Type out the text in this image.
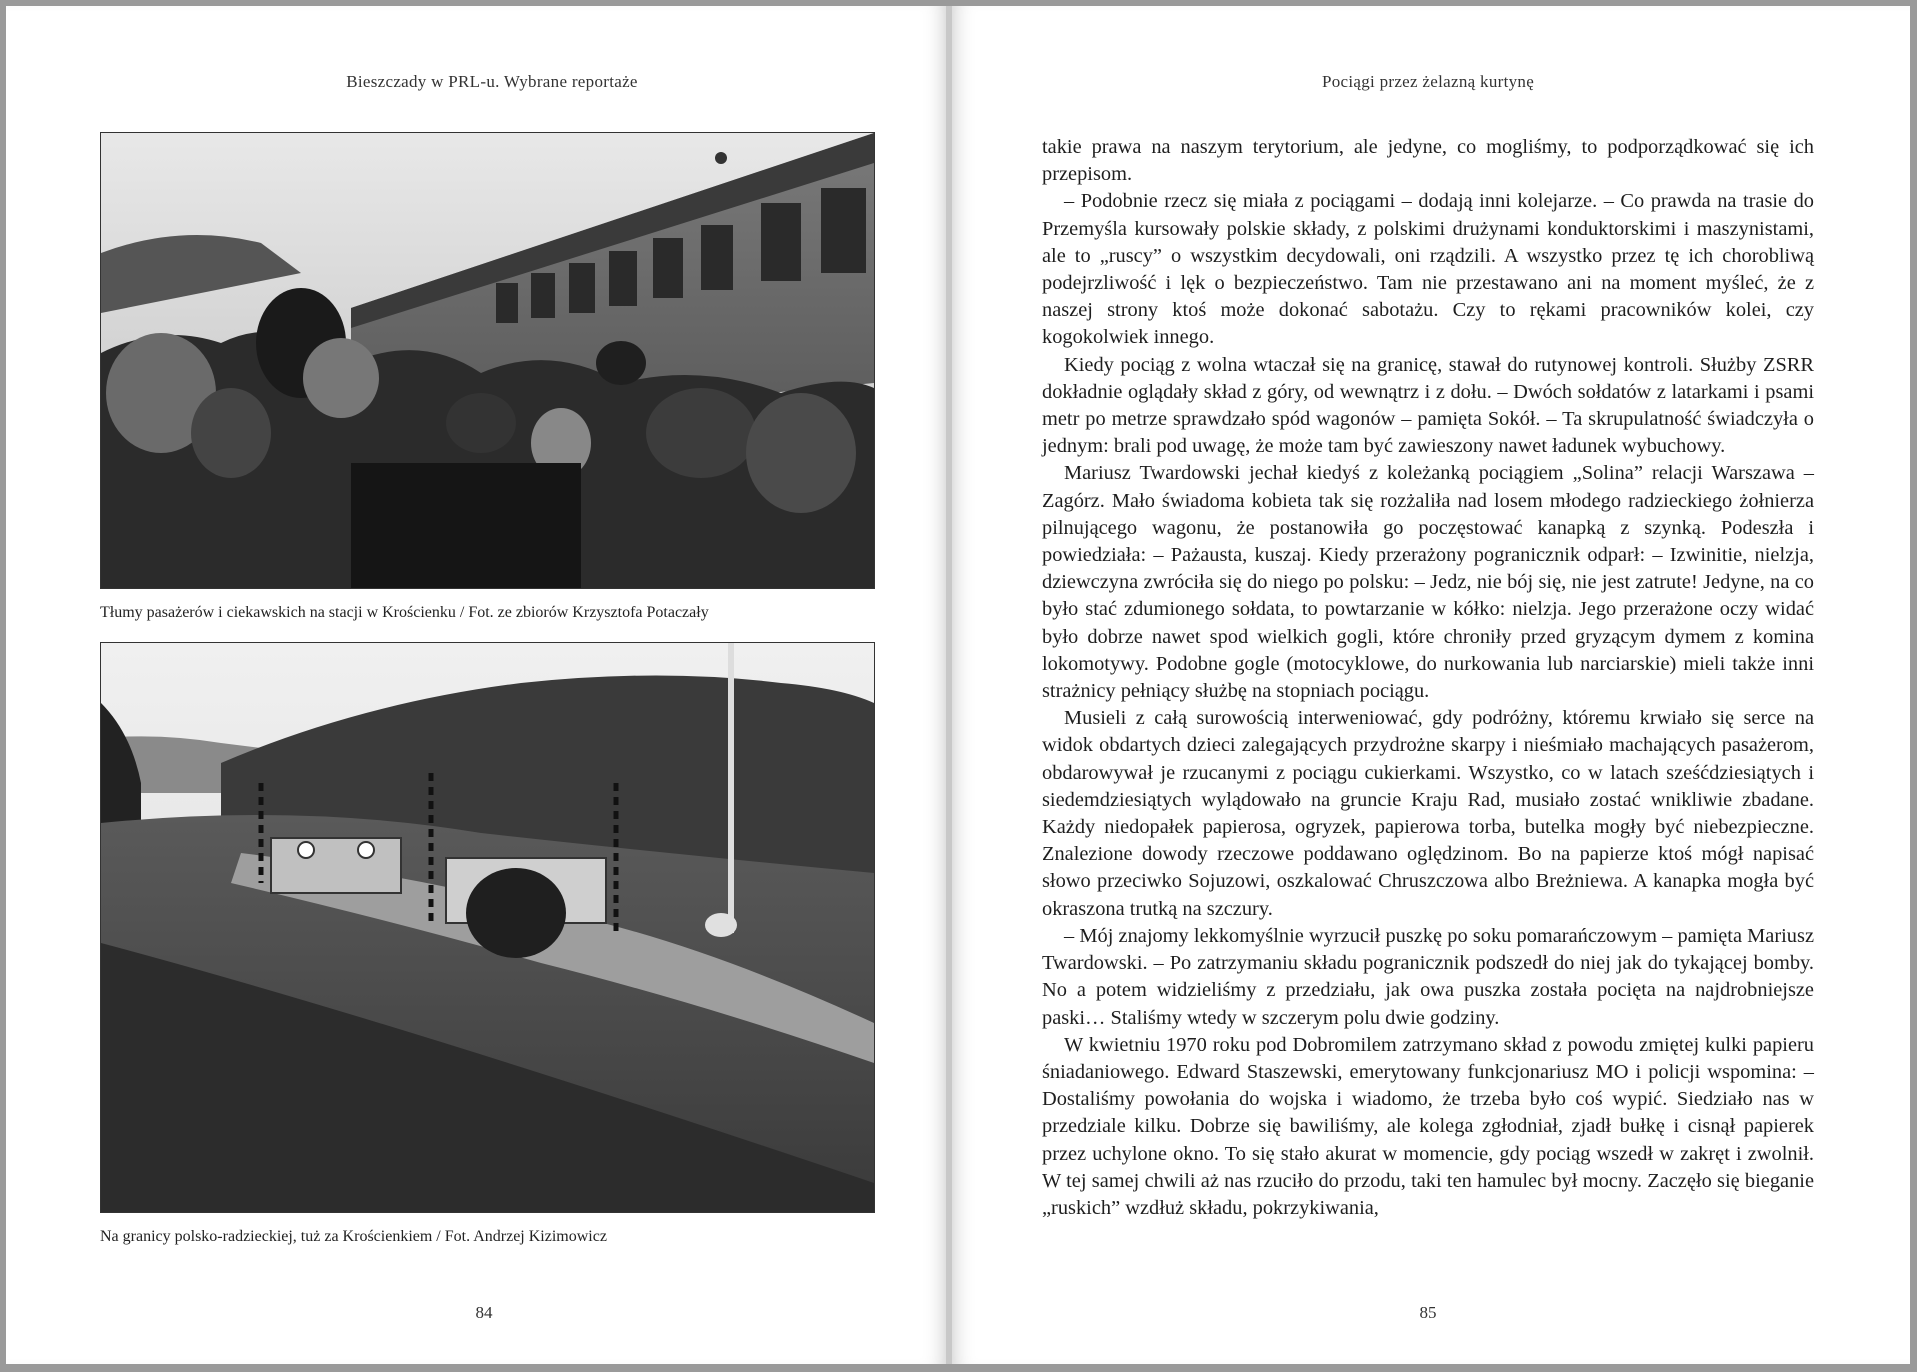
Bieszczady w PRL-u. Wybrane reportaże
Tłumy pasażerów i ciekawskich na stacji w Krościenku / Fot. ze zbiorów Krzysztofa Potaczały
Na granicy polsko-radzieckiej, tuż za Krościenkiem / Fot. Andrzej Kizimowicz
84
Pociągi przez żelazną kurtynę

takie prawa na naszym terytorium, ale jedyne, co mogliśmy, to podporządkować się ich przepisom.

– Podobnie rzecz się miała z pociągami – dodają inni kolejarze. – Co prawda na trasie do Przemyśla kursowały polskie składy, z polskimi drużynami konduktorskimi i maszynistami, ale to „ruscy” o wszystkim decydowali, oni rządzili. A wszystko przez tę ich chorobliwą podejrzliwość i lęk o bezpieczeństwo. Tam nie przestawano ani na moment myśleć, że z naszej strony ktoś może dokonać sabotażu. Czy to rękami pracowników kolei, czy kogokolwiek innego.

Kiedy pociąg z wolna wtaczał się na granicę, stawał do rutynowej kontroli. Służby ZSRR dokładnie oglądały skład z góry, od wewnątrz i z dołu. – Dwóch sołdatów z latarkami i psami metr po metrze sprawdzało spód wagonów – pamięta Sokół. – Ta skrupulatność świadczyła o jednym: brali pod uwagę, że może tam być zawieszony nawet ładunek wybuchowy.

Mariusz Twardowski jechał kiedyś z koleżanką pociągiem „Solina” relacji Warszawa – Zagórz. Mało świadoma kobieta tak się rozżaliła nad losem młodego radzieckiego żołnierza pilnującego wagonu, że postanowiła go poczęstować kanapką z szynką. Podeszła i powiedziała: – Pażausta, kuszaj. Kiedy przerażony pogranicznik odparł: – Izwinitie, nielzja, dziewczyna zwróciła się do niego po polsku: – Jedz, nie bój się, nie jest zatrute! Jedyne, na co było stać zdumionego sołdata, to powtarzanie w kółko: nielzja. Jego przerażone oczy widać było dobrze nawet spod wielkich gogli, które chroniły przed gryzącym dymem z komina lokomotywy. Podobne gogle (motocyklowe, do nurkowania lub narciarskie) mieli także inni strażnicy pełniący służbę na stopniach pociągu.

Musieli z całą surowością interweniować, gdy podróżny, któremu krwiało się serce na widok obdartych dzieci zalegających przydrożne skarpy i nieśmiało machających pasażerom, obdarowywał je rzucanymi z pociągu cukierkami. Wszystko, co w latach sześćdziesiątych i siedemdziesiątych wylądowało na gruncie Kraju Rad, musiało zostać wnikliwie zbadane. Każdy niedopałek papierosa, ogryzek, papierowa torba, butelka mogły być niebezpieczne. Znalezione dowody rzeczowe poddawano oględzinom. Bo na papierze ktoś mógł napisać słowo przeciwko Sojuzowi, oszkalować Chruszczowa albo Breżniewa. A kanapka mogła być okraszona trutką na szczury.

– Mój znajomy lekkomyślnie wyrzucił puszkę po soku pomarańczowym – pamięta Mariusz Twardowski. – Po zatrzymaniu składu pogranicznik podszedł do niej jak do tykającej bomby. No a potem widzieliśmy z przedziału, jak owa puszka została pocięta na najdrobniejsze paski… Staliśmy wtedy w szczerym polu dwie godziny.

W kwietniu 1970 roku pod Dobromilem zatrzymano skład z powodu zmiętej kulki papieru śniadaniowego. Edward Staszewski, emerytowany funkcjonariusz MO i policji wspomina: – Dostaliśmy powołania do wojska i wiadomo, że trzeba było coś wypić. Siedziało nas w przedziale kilku. Dobrze się bawiliśmy, ale kolega zgłodniał, zjadł bułkę i cisnął papierek przez uchylone okno. To się stało akurat w momencie, gdy pociąg wszedł w zakręt i zwolnił. W tej samej chwili aż nas rzuciło do przodu, taki ten hamulec był mocny. Zaczęło się bieganie „ruskich” wzdłuż składu, pokrzykiwania,

85
